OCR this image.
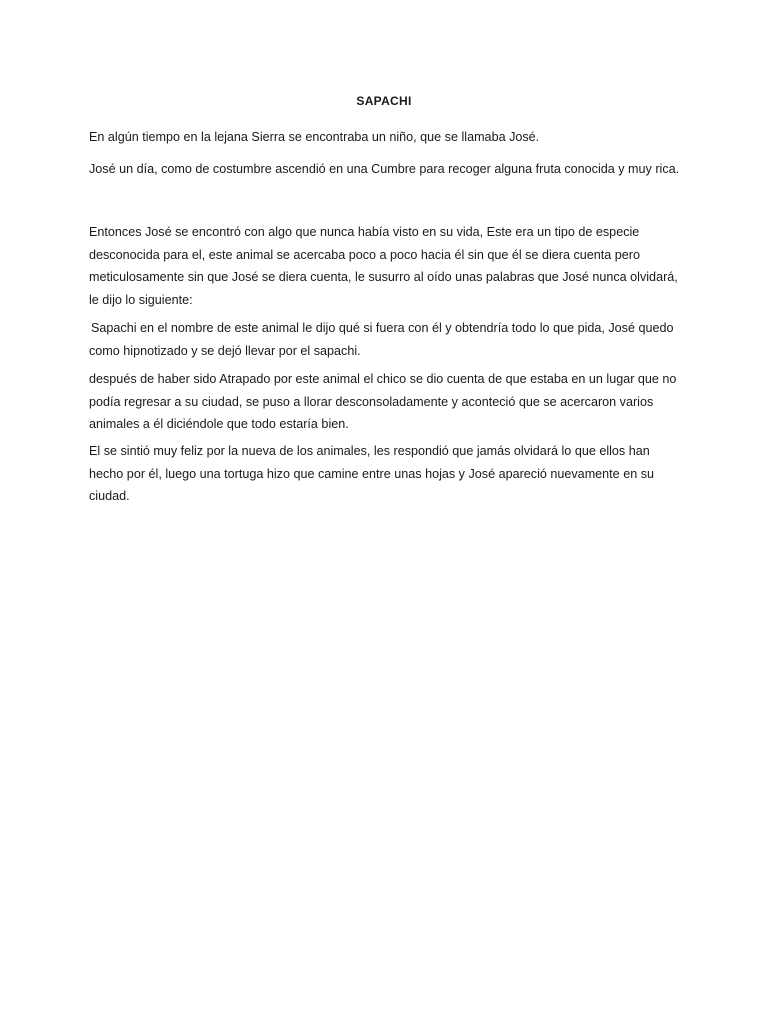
SAPACHI

En algún tiempo en la lejana Sierra se encontraba un niño, que se llamaba José.

José un día, como de costumbre ascendió en una Cumbre para recoger alguna fruta conocida y muy rica.

Entonces José se encontró con algo que nunca había visto en su vida, Este era un tipo de especie
desconocida para el, este animal se acercaba poco a poco hacia él sin que él se diera cuenta pero
meticulosamente sin que José se diera cuenta, le susurro al oído unas palabras que José nunca olvidará,
le dijo lo siguiente:

Sapachi en el nombre de este animal le dijo qué si fuera con él y obtendría todo lo que pida, José quedo
como hipnotizado y se dejó llevar por el sapachi.

después de haber sido Atrapado por este animal el chico se dio cuenta de que estaba en un lugar que no
podía regresar a su ciudad, se puso a llorar desconsoladamente y aconteció que se acercaron varios
animales a él diciéndole que todo estaría bien.

El se sintió muy feliz por la nueva de los animales, les respondió que jamás olvidará lo que ellos han
hecho por él, luego una tortuga hizo que camine entre unas hojas y José apareció nuevamente en su
ciudad.
